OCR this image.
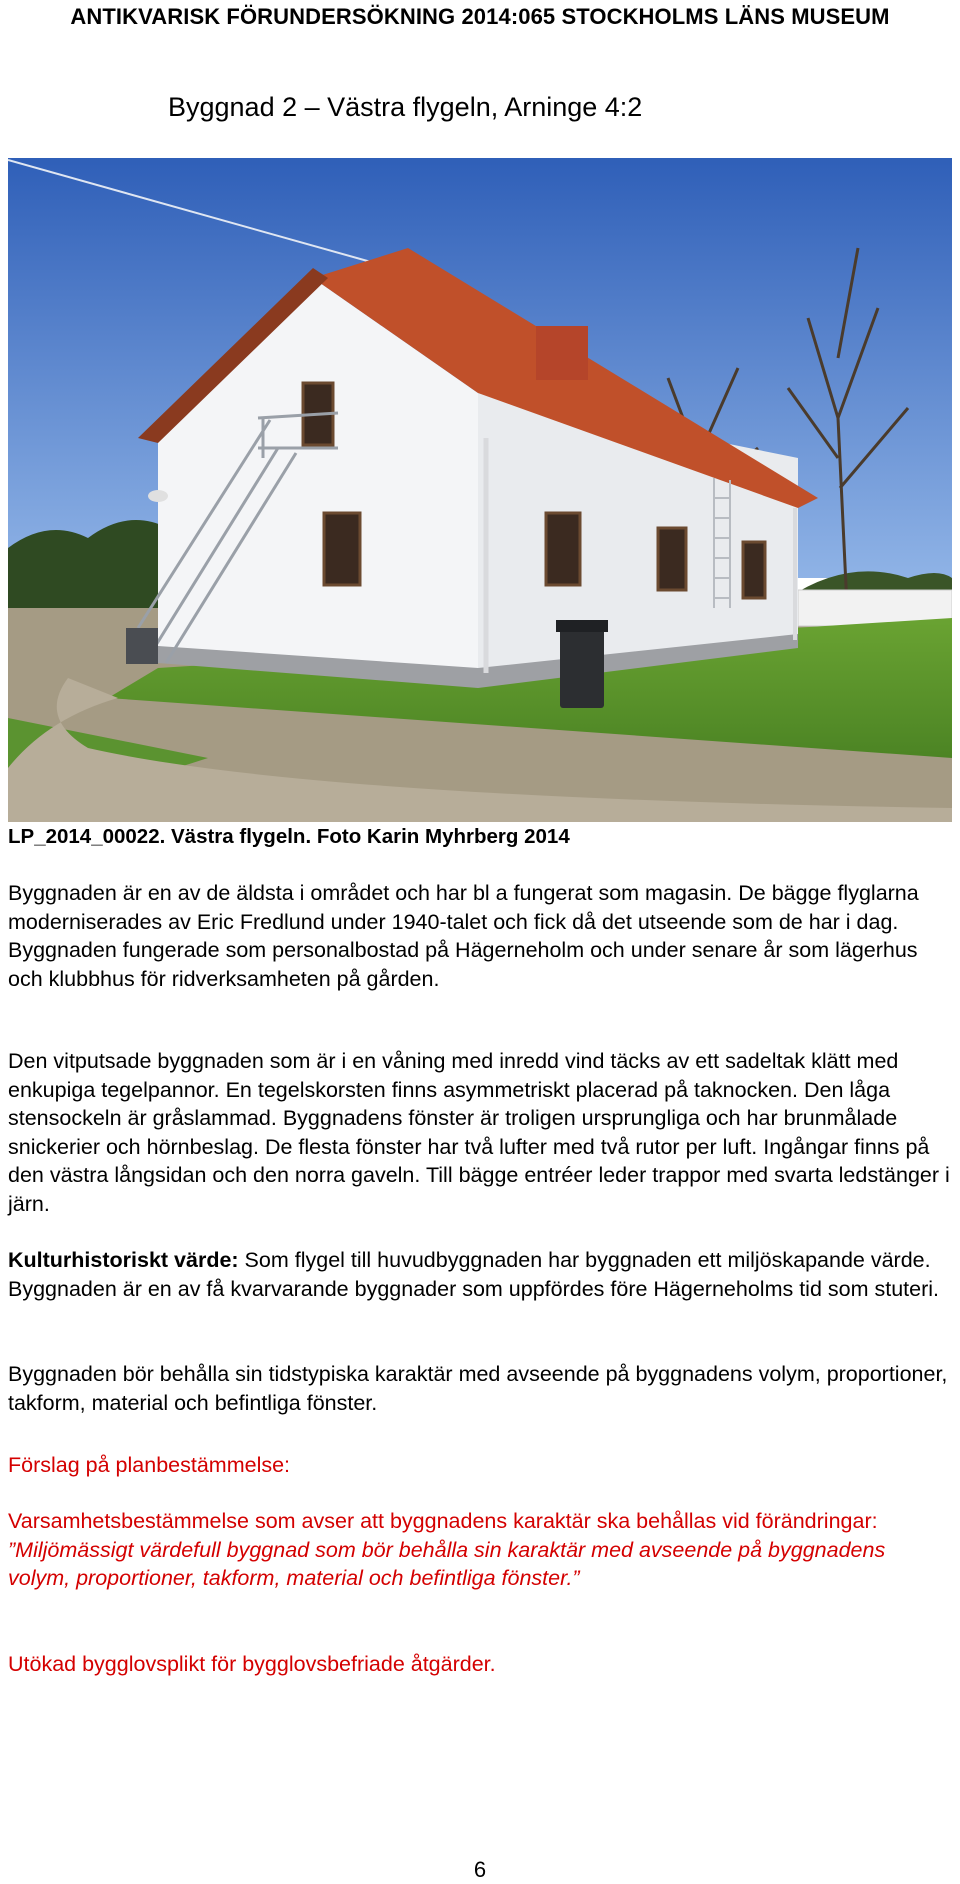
ANTIKVARISK FÖRUNDERSÖKNING 2014:065 STOCKHOLMS LÄNS MUSEUM
Byggnad 2 – Västra flygeln, Arninge 4:2
LP_2014_00022. Västra flygeln. Foto Karin Myhrberg 2014

Byggnaden är en av de äldsta i området och har bl a fungerat som magasin. De bägge flyglarna moderniserades av Eric Fredlund under 1940-talet och fick då det utseende som de har i dag. Byggnaden fungerade som personalbostad på Hägerneholm och under senare år som lägerhus och klubbhus för ridverksamheten på gården.

Den vitputsade byggnaden som är i en våning med inredd vind täcks av ett sadeltak klätt med enkupiga tegelpannor. En tegelskorsten finns asymmetriskt placerad på taknocken. Den låga stensockeln är gråslammad. Byggnadens fönster är troligen ursprungliga och har brunmålade snickerier och hörnbeslag. De flesta fönster har två lufter med två rutor per luft. Ingångar finns på den västra långsidan och den norra gaveln. Till bägge entréer leder trappor med svarta ledstänger i järn.

Kulturhistoriskt värde: Som flygel till huvudbyggnaden har byggnaden ett miljöskapande värde. Byggnaden är en av få kvarvarande byggnader som uppfördes före Hägerneholms tid som stuteri.

Byggnaden bör behålla sin tidstypiska karaktär med avseende på byggnadens volym, proportioner, takform, material och befintliga fönster.

Förslag på planbestämmelse:

Varsamhetsbestämmelse som avser att byggnadens karaktär ska behållas vid förändringar: ”Miljömässigt värdefull byggnad som bör behålla sin karaktär med avseende på byggnadens volym, proportioner, takform, material och befintliga fönster.”

Utökad bygglovsplikt för bygglovsbefriade åtgärder.

6
